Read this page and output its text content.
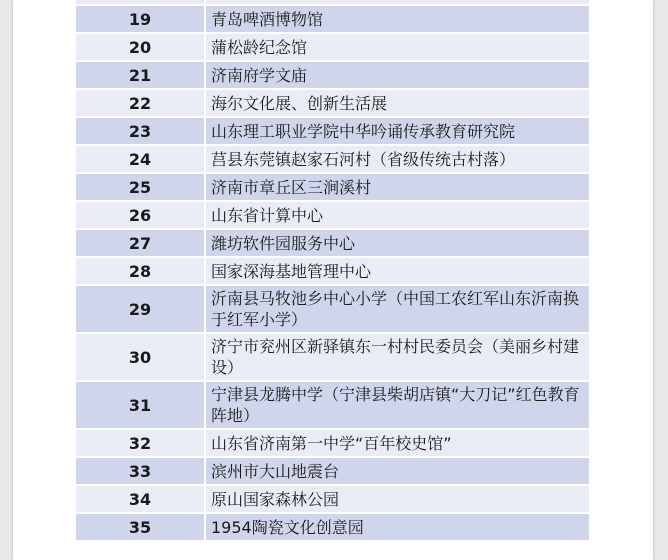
19	青岛啤酒博物馆
20	蒲松龄纪念馆
21	济南府学文庙
22	海尔文化展、创新生活展
23	山东理工职业学院中华吟诵传承教育研究院
24	莒县东莞镇赵家石河村（省级传统古村落）
25	济南市章丘区三涧溪村
26	山东省计算中心
27	潍坊软件园服务中心
28	国家深海基地管理中心
29	沂南县马牧池乡中心小学（中国工农红军山东沂南换于红军小学）
30	济宁市兖州区新驿镇东一村村民委员会（美丽乡村建设）
31	宁津县龙腾中学（宁津县柴胡店镇“大刀记”红色教育阵地）
32	山东省济南第一中学“百年校史馆”
33	滨州市大山地震台
34	原山国家森林公园
35	1954陶瓷文化创意园
